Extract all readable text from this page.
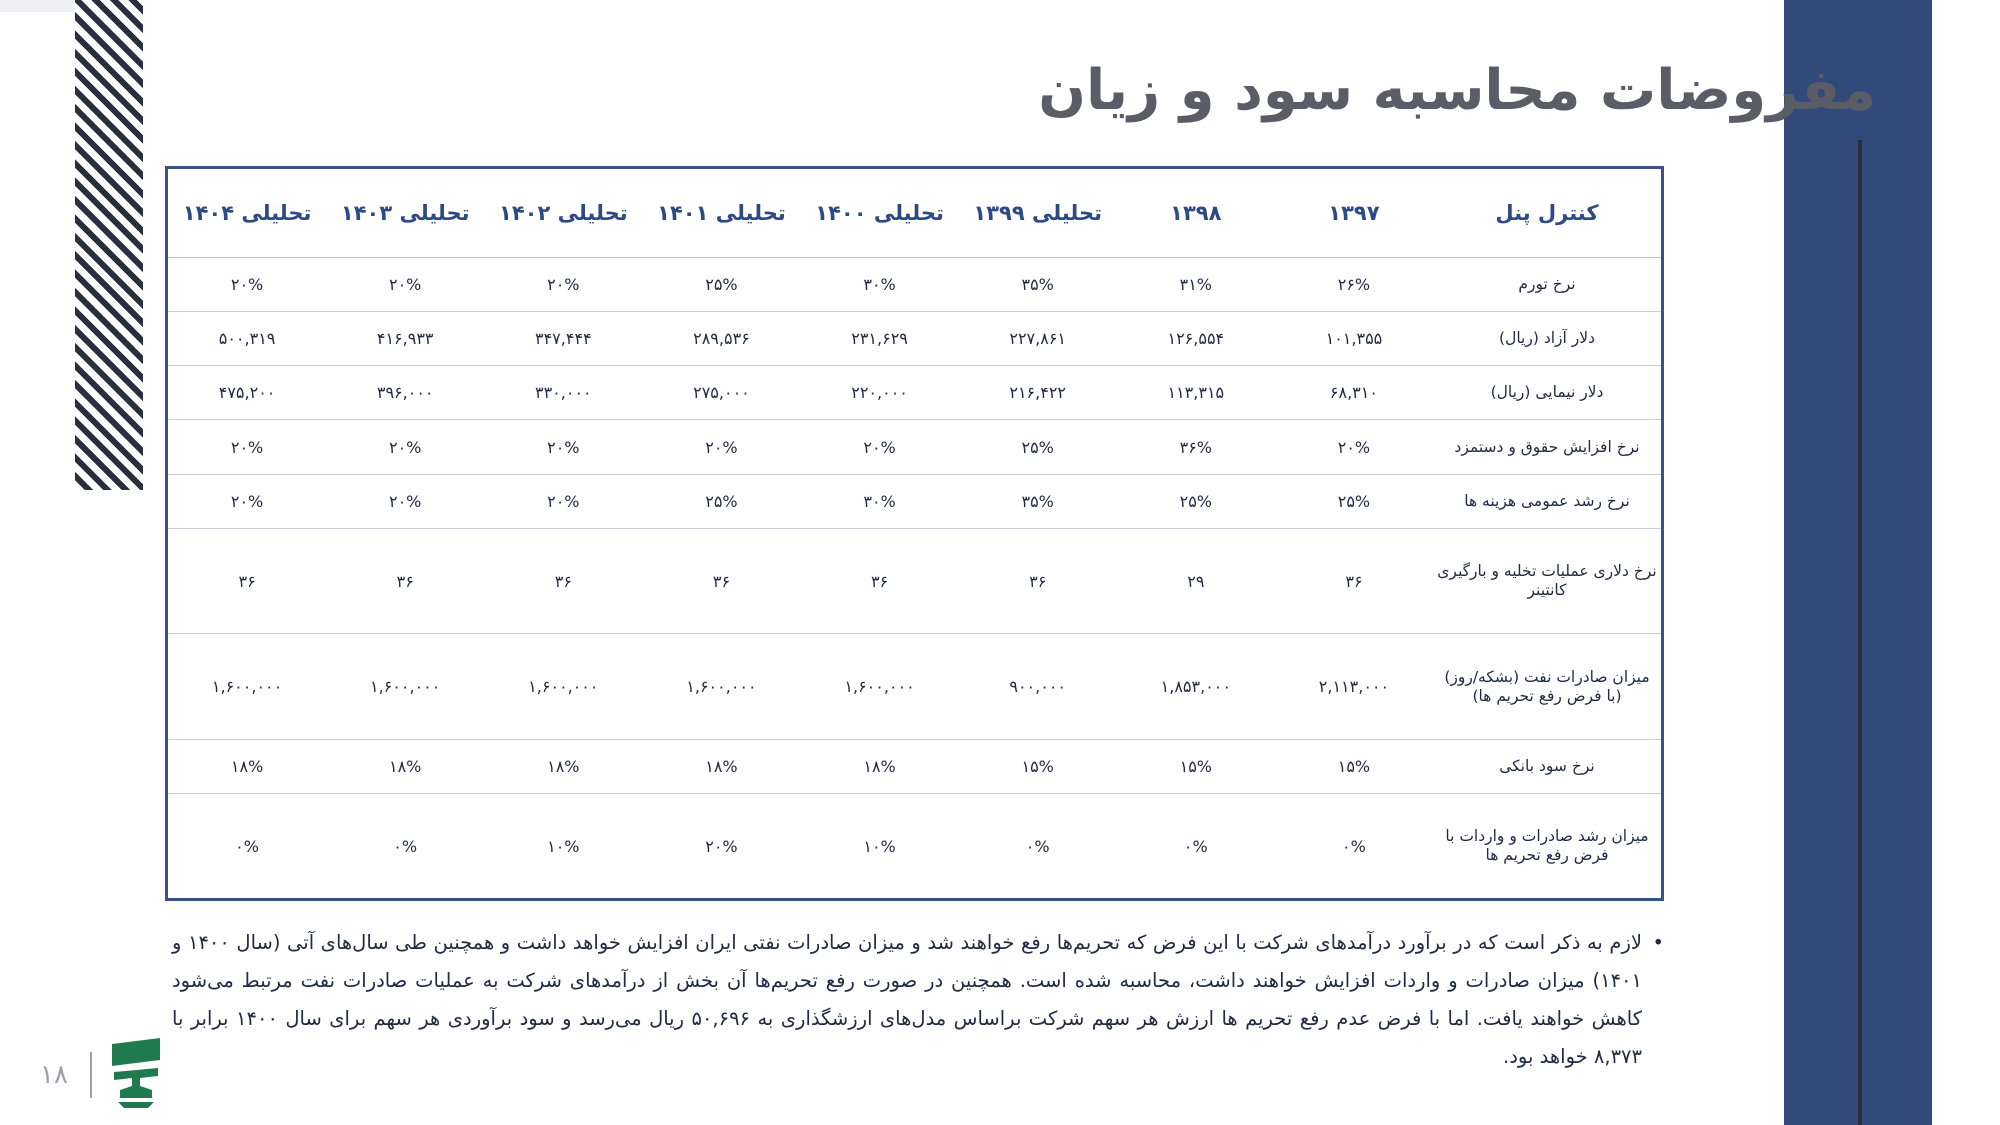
مفروضات محاسبه سود و زیان
کنترل پنل	۱۳۹۷	۱۳۹۸	تحلیلی ۱۳۹۹	تحلیلی ۱۴۰۰	تحلیلی ۱۴۰۱	تحلیلی ۱۴۰۲	تحلیلی ۱۴۰۳	تحلیلی ۱۴۰۴
نرخ تورم	۲۶%	۳۱%	۳۵%	۳۰%	۲۵%	۲۰%	۲۰%	۲۰%
دلار آزاد (ریال)	۱۰۱,۳۵۵	۱۲۶,۵۵۴	۲۲۷,۸۶۱	۲۳۱,۶۲۹	۲۸۹,۵۳۶	۳۴۷,۴۴۴	۴۱۶,۹۳۳	۵۰۰,۳۱۹
دلار نیمایی (ریال)	۶۸,۳۱۰	۱۱۳,۳۱۵	۲۱۶,۴۲۲	۲۲۰,۰۰۰	۲۷۵,۰۰۰	۳۳۰,۰۰۰	۳۹۶,۰۰۰	۴۷۵,۲۰۰
نرخ افزایش حقوق و دستمزد	۲۰%	۳۶%	۲۵%	۲۰%	۲۰%	۲۰%	۲۰%	۲۰%
نرخ رشد عمومی هزینه ها	۲۵%	۲۵%	۳۵%	۳۰%	۲۵%	۲۰%	۲۰%	۲۰%
نرخ دلاری عملیات تخلیه و بارگیری کانتینر	۳۶	۲۹	۳۶	۳۶	۳۶	۳۶	۳۶	۳۶
میزان صادرات نفت (بشکه/روز) (با فرض رفع تحریم ها)	۲,۱۱۳,۰۰۰	۱,۸۵۳,۰۰۰	۹۰۰,۰۰۰	۱,۶۰۰,۰۰۰	۱,۶۰۰,۰۰۰	۱,۶۰۰,۰۰۰	۱,۶۰۰,۰۰۰	۱,۶۰۰,۰۰۰
نرخ سود بانکی	۱۵%	۱۵%	۱۵%	۱۸%	۱۸%	۱۸%	۱۸%	۱۸%
میزان رشد صادرات و واردات با فرض رفع تحریم ها	۰%	۰%	۰%	۱۰%	۲۰%	۱۰%	۰%	۰%
•
لازم به ذکر است که در برآورد درآمدهای شرکت با این فرض که تحریم‌ها رفع خواهند شد و میزان صادرات نفتی ایران افزایش خواهد داشت و همچنین طی سال‌های آتی (سال ۱۴۰۰ و ۱۴۰۱) میزان صادرات و واردات افزایش خواهند داشت، محاسبه شده است. همچنین در صورت رفع تحریم‌ها آن بخش از درآمدهای شرکت به عملیات صادرات نفت مرتبط می‌شود کاهش خواهند یافت. اما با فرض عدم رفع تحریم ها ارزش هر سهم شرکت براساس مدل‌های ارزشگذاری به ۵۰,۶۹۶ ریال می‌رسد و سود برآوردی هر سهم برای سال ۱۴۰۰ برابر با ۸,۳۷۳ خواهد بود.
۱۸
